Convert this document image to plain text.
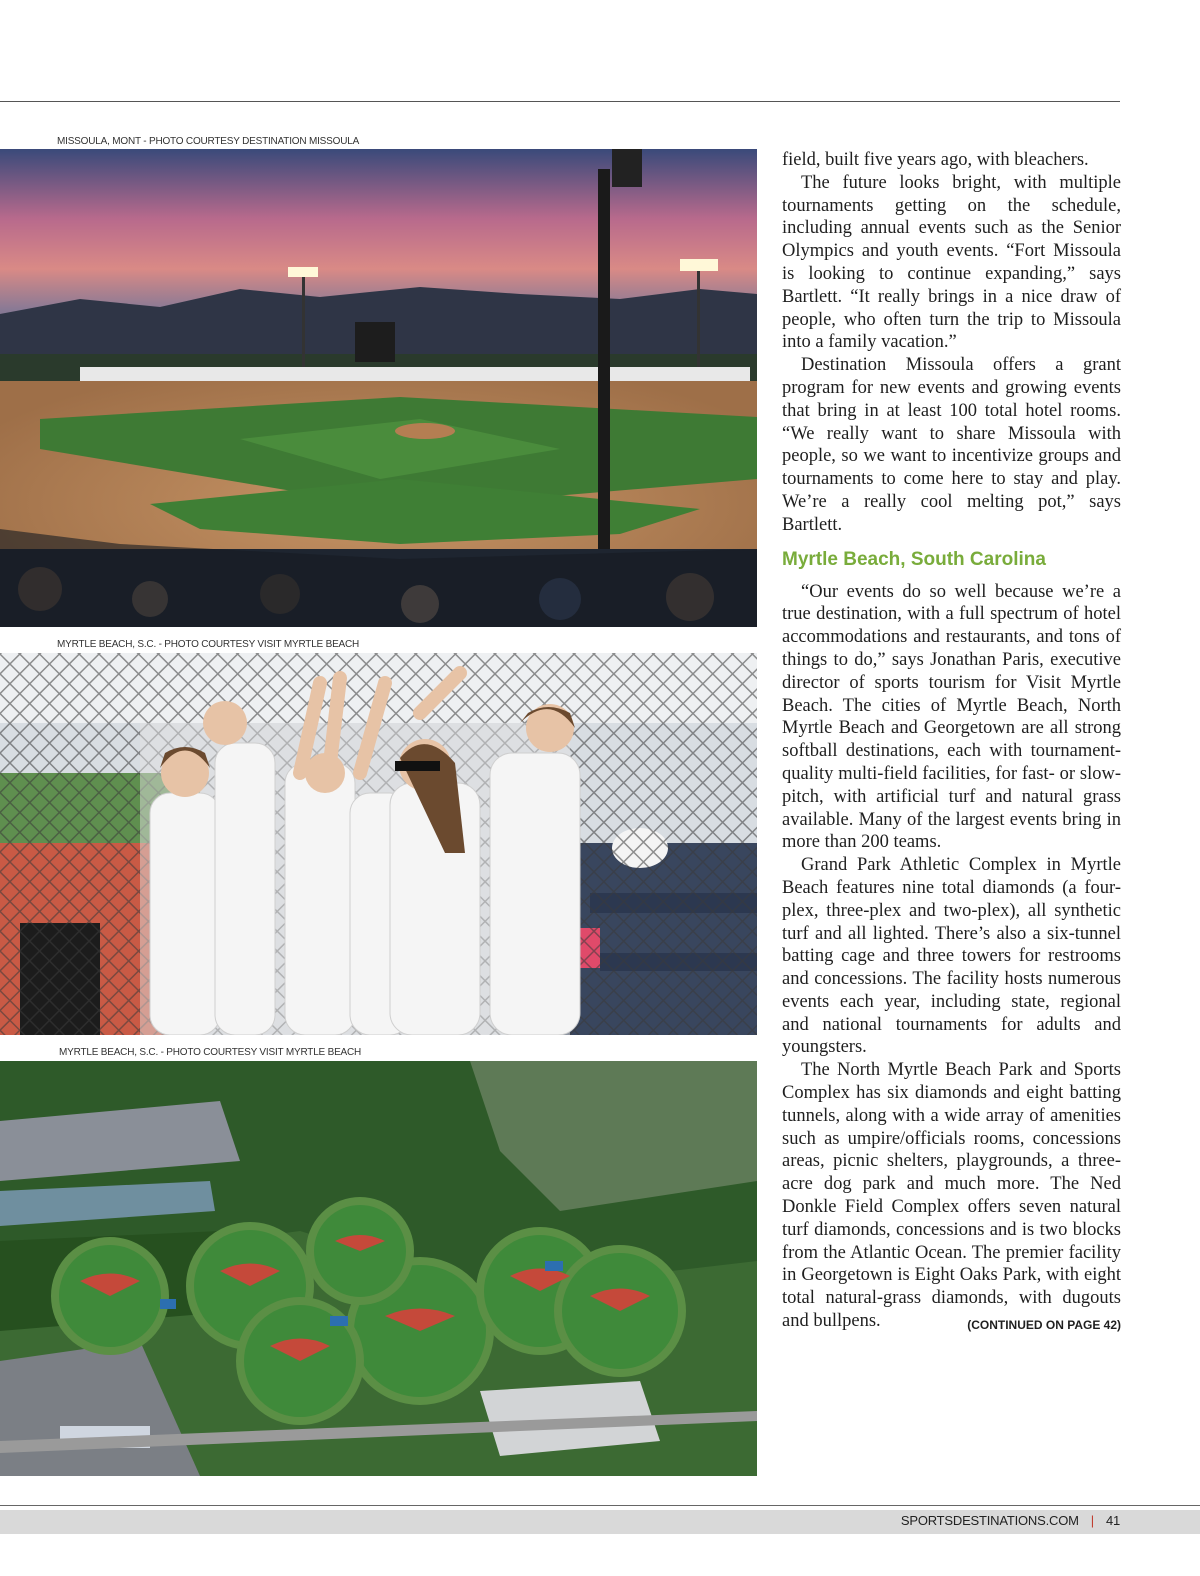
MISSOULA, MONT - PHOTO COURTESY DESTINATION MISSOULA
MYRTLE BEACH, S.C. - PHOTO COURTESY VISIT MYRTLE BEACH
MYRTLE BEACH, S.C. - PHOTO COURTESY VISIT MYRTLE BEACH

field, built five years ago, with bleachers.

The future looks bright, with multiple tournaments getting on the schedule, including annual events such as the Senior Olympics and youth events. “Fort Missoula is looking to continue expanding,” says Bartlett. “It really brings in a nice draw of people, who often turn the trip to Missoula into a family vacation.”

Destination Missoula offers a grant program for new events and growing events that bring in at least 100 total hotel rooms. “We really want to share Missoula with people, so we want to incentivize groups and tournaments to come here to stay and play. We’re a really cool melting pot,” says Bartlett.

Myrtle Beach, South Carolina

“Our events do so well because we’re a true destination, with a full spectrum of hotel accommodations and restaurants, and tons of things to do,” says Jonathan Paris, executive director of sports tourism for Visit Myrtle Beach. The cities of Myrtle Beach, North Myrtle Beach and Georgetown are all strong softball destinations, each with tournament-quality multi-field facilities, for fast- or slow-pitch, with artificial turf and natural grass available. Many of the largest events bring in more than 200 teams.

Grand Park Athletic Complex in Myrtle Beach features nine total diamonds (a four-plex, three-plex and two-plex), all synthetic turf and all lighted. There’s also a six-tunnel batting cage and three towers for restrooms and concessions. The facility hosts numerous events each year, including state, regional and national tournaments for adults and youngsters.

The North Myrtle Beach Park and Sports Complex has six diamonds and eight batting tunnels, along with a wide array of amenities such as umpire/officials rooms, concessions areas, picnic shelters, playgrounds, a three-acre dog park and much more. The Ned Donkle Field Complex offers seven natural turf diamonds, concessions and is two blocks from the Atlantic Ocean. The premier facility in Georgetown is Eight Oaks Park, with eight total natural-grass diamonds, with dugouts and bullpens.	(CONTINUED ON PAGE 42)

SPORTSDESTINATIONS.COM | 41
